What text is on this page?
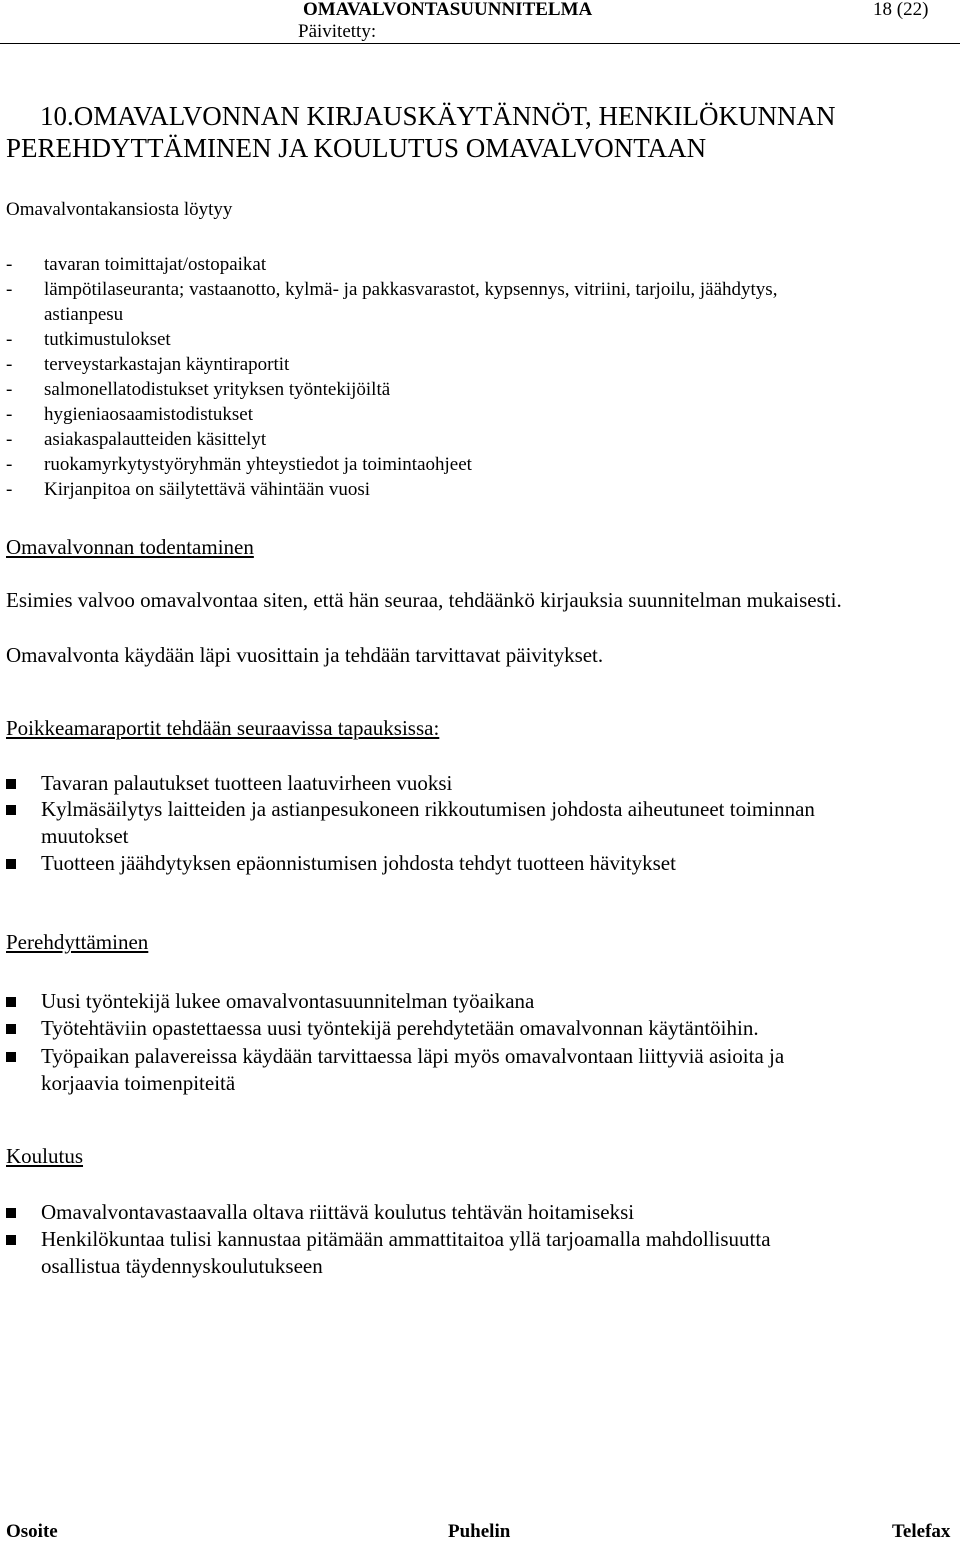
OMAVALVONTASUUNNITELMA	18 (22)
Päivitetty:
10.OMAVALVONNAN KIRJAUSKÄYTÄNNÖT, HENKILÖKUNNAN
PEREHDYTTÄMINEN JA KOULUTUS OMAVALVONTAAN
Omavalvontakansiosta löytyy
- tavaran toimittajat/ostopaikat
- lämpötilaseuranta; vastaanotto, kylmä- ja pakkasvarastot, kypsennys, vitriini, tarjoilu, jäähdytys,
astianpesu
- tutkimustulokset
- terveystarkastajan käyntiraportit
- salmonellatodistukset yrityksen työntekijöiltä
- hygieniaosaamistodistukset
- asiakaspalautteiden käsittelyt
- ruokamyrkytystyöryhmän yhteystiedot ja toimintaohjeet
- Kirjanpitoa on säilytettävä vähintään vuosi
Omavalvonnan todentaminen
Esimies valvoo omavalvontaa siten, että hän seuraa, tehdäänkö kirjauksia suunnitelman mukaisesti.
Omavalvonta käydään läpi vuosittain ja tehdään tarvittavat päivitykset.
Poikkeamaraportit tehdään seuraavissa tapauksissa:
Tavaran palautukset tuotteen laatuvirheen vuoksi
Kylmäsäilytys laitteiden ja astianpesukoneen rikkoutumisen johdosta aiheutuneet toiminnan
muutokset
Tuotteen jäähdytyksen epäonnistumisen johdosta tehdyt tuotteen hävitykset
Perehdyttäminen
Uusi työntekijä lukee omavalvontasuunnitelman työaikana
Työtehtäviin opastettaessa uusi työntekijä perehdytetään omavalvonnan käytäntöihin.
Työpaikan palavereissa käydään tarvittaessa läpi myös omavalvontaan liittyviä asioita ja
korjaavia toimenpiteitä
Koulutus
Omavalvontavastaavalla oltava riittävä koulutus tehtävän hoitamiseksi
Henkilökuntaa tulisi kannustaa pitämään ammattitaitoa yllä tarjoamalla mahdollisuutta
osallistua täydennyskoulutukseen
Osoite	Puhelin	Telefax
